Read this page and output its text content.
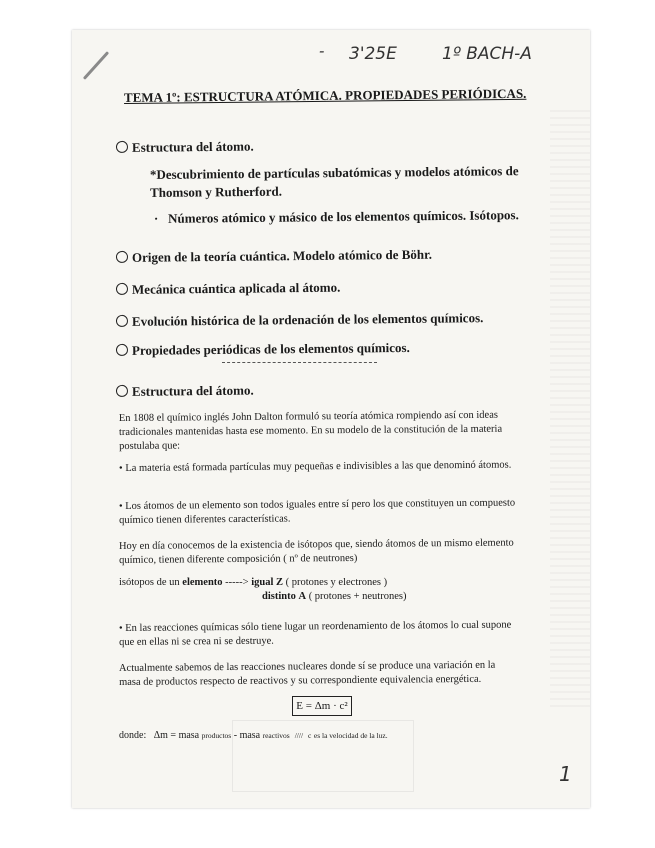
- 3'25E	1º BACH-A
TEMA 1º: ESTRUCTURA ATÓMICA. PROPIEDADES PERIÓDICAS.
Estructura del átomo.
*Descubrimiento de partículas subatómicas y modelos atómicos de Thomson y Rutherford.
· Números atómico y másico de los elementos químicos. Isótopos.
Origen de la teoría cuántica. Modelo atómico de Böhr.
Mecánica cuántica aplicada al átomo.
Evolución histórica de la ordenación de los elementos químicos.
Propiedades periódicas de los elementos químicos.
Estructura del átomo.
En 1808 el químico inglés John Dalton formuló su teoría atómica rompiendo así con ideas tradicionales mantenidas hasta ese momento. En su modelo de la constitución de la materia postulaba que:
• La materia está formada partículas muy pequeñas e indivisibles a las que denominó átomos.
• Los átomos de un elemento son todos iguales entre sí pero los que constituyen un compuesto químico tienen diferentes características.
Hoy en día conocemos de la existencia de isótopos que, siendo átomos de un mismo elemento químico, tienen diferente composición ( nº de neutrones)
isótopos de un elemento -----> igual Z ( protones y electrones )
distinto A ( protones + neutrones)
• En las reacciones químicas sólo tiene lugar un reordenamiento de los átomos lo cual supone que en ellas ni se crea ni se destruye.
Actualmente sabemos de las reacciones nucleares donde sí se produce una variación en la masa de productos respecto de reactivos y su correspondiente equivalencia energética.
E = Δm · c²
donde: Δm = masa productos - masa reactivos //// c es la velocidad de la luz.
1
